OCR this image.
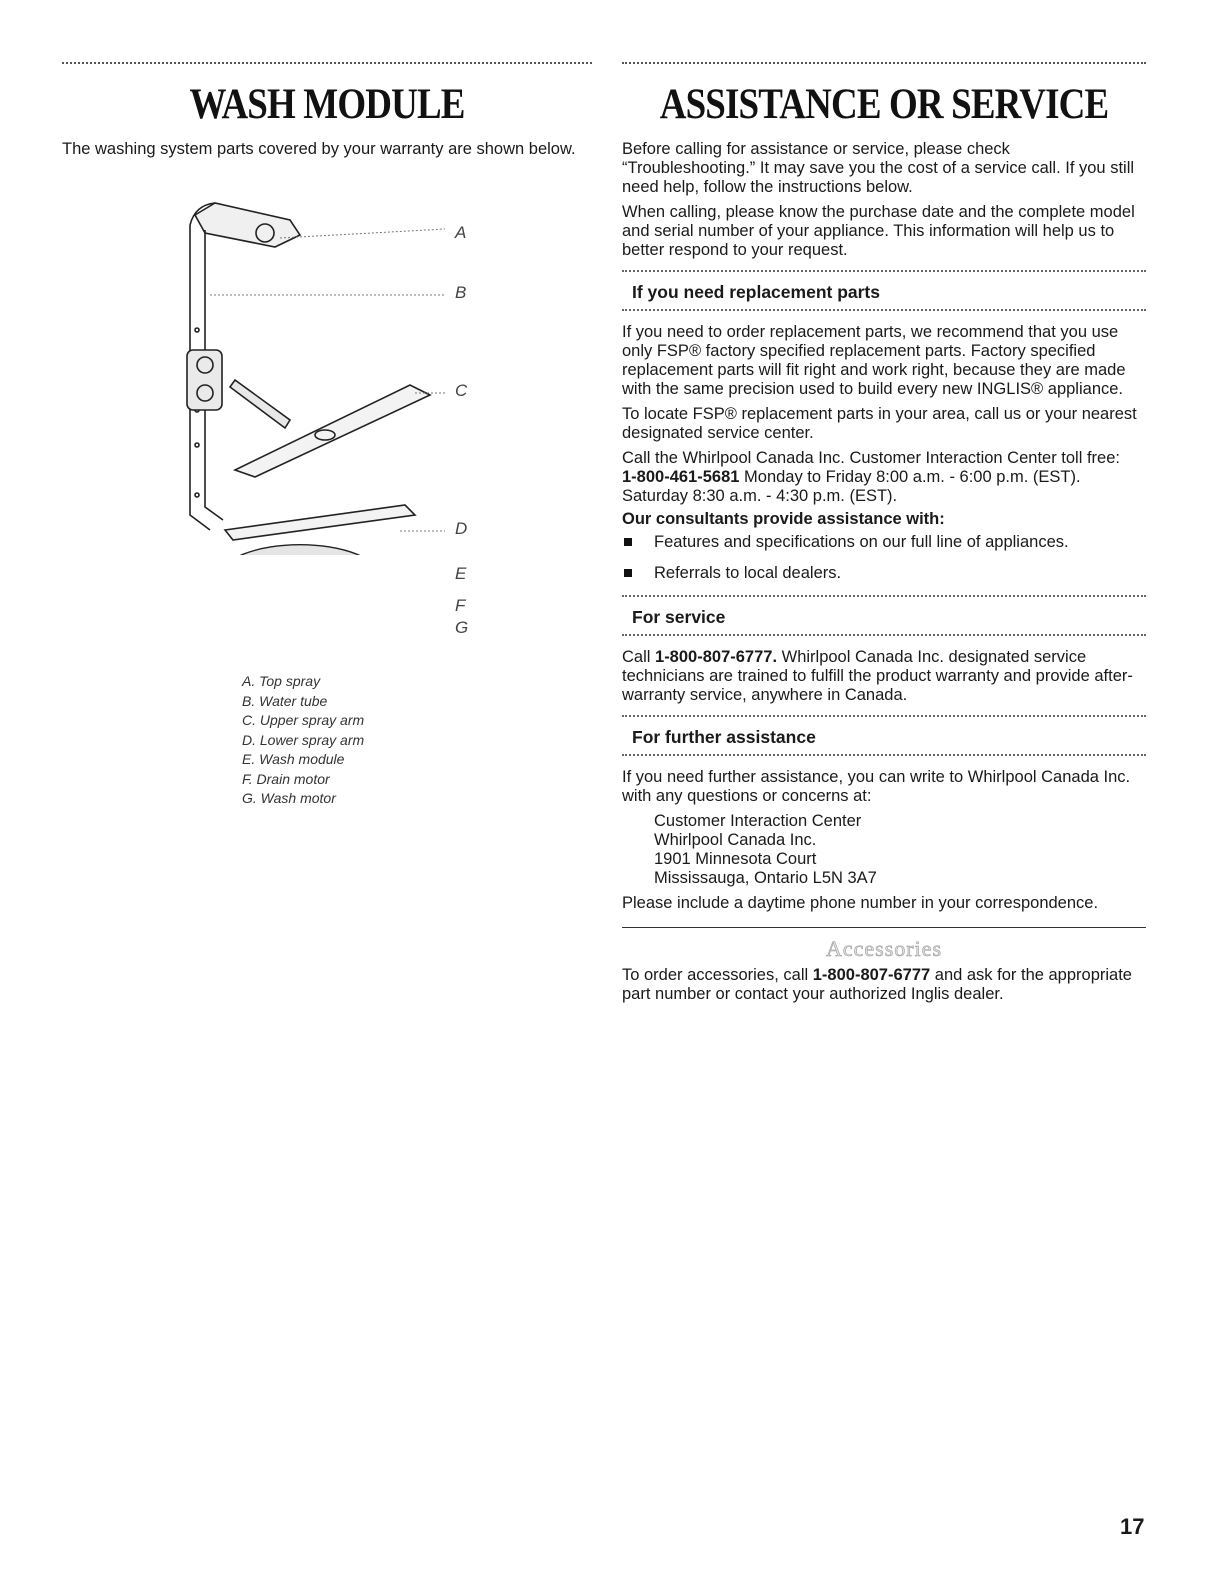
WASH MODULE

The washing system parts covered by your warranty are shown below.

A
B
C
D
E
F
G
A. Top spray
B. Water tube
C. Upper spray arm
D. Lower spray arm
E. Wash module
F. Drain motor
G. Wash motor
ASSISTANCE OR SERVICE

Before calling for assistance or service, please check “Troubleshooting.” It may save you the cost of a service call. If you still need help, follow the instructions below.

When calling, please know the purchase date and the complete model and serial number of your appliance. This information will help us to better respond to your request.

If you need replacement parts

If you need to order replacement parts, we recommend that you use only FSP® factory specified replacement parts. Factory specified replacement parts will fit right and work right, because they are made with the same precision used to build every new INGLIS® appliance.

To locate FSP® replacement parts in your area, call us or your nearest designated service center.

Call the Whirlpool Canada Inc. Customer Interaction Center toll free:

1-800-461-5681 Monday to Friday 8:00 a.m. - 6:00 p.m. (EST). Saturday 8:30 a.m. - 4:30 p.m. (EST).

Our consultants provide assistance with:

Features and specifications on our full line of appliances.
Referrals to local dealers.
For service

Call 1-800-807-6777. Whirlpool Canada Inc. designated service technicians are trained to fulfill the product warranty and provide after-warranty service, anywhere in Canada.

For further assistance

If you need further assistance, you can write to Whirlpool Canada Inc. with any questions or concerns at:

Customer Interaction Center
Whirlpool Canada Inc.
1901 Minnesota Court
Mississauga, Ontario L5N 3A7

Please include a daytime phone number in your correspondence.

Accessories

To order accessories, call 1-800-807-6777 and ask for the appropriate part number or contact your authorized Inglis dealer.

17
